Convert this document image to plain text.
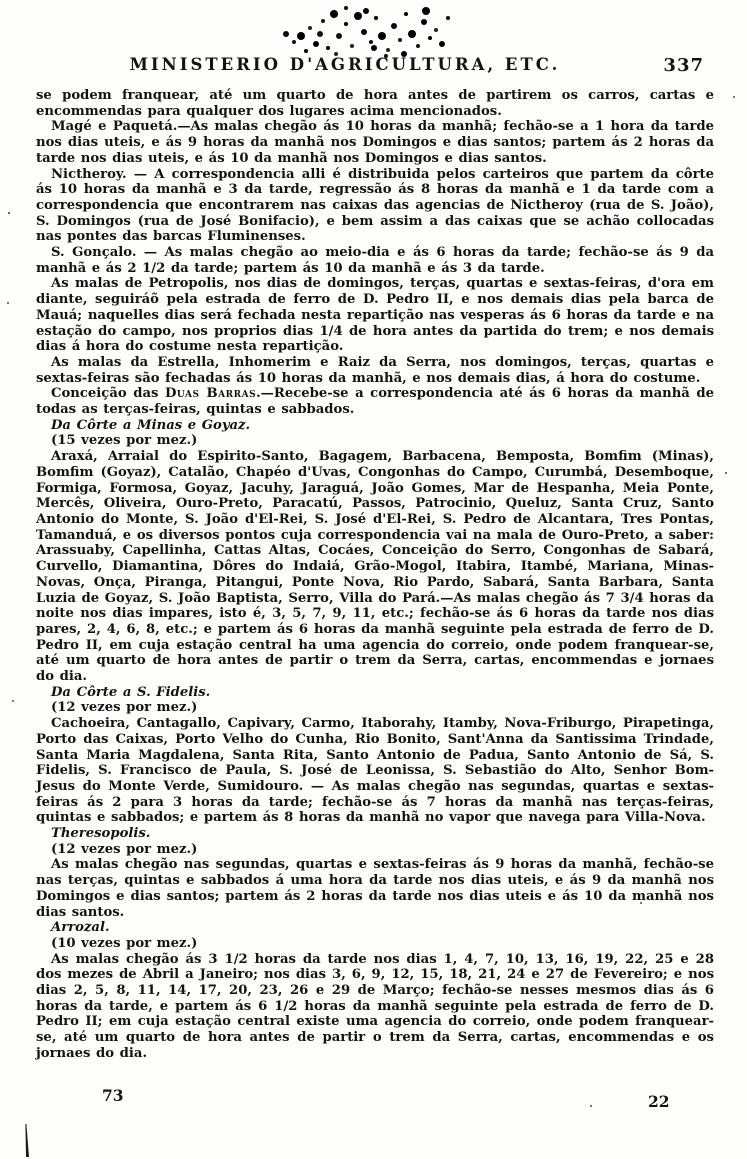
MINISTERIO D'AGRICULTURA, ETC.	337

se podem franquear, até um quarto de hora antes de partirem os carros, cartas e encommendas para qualquer dos lugares acima mencionados.

Magé e Paquetá.—As malas chegão ás 10 horas da manhã; fechão-se a 1 hora da tarde nos dias uteis, e ás 9 horas da manhã nos Domingos e dias santos; partem ás 2 horas da tarde nos dias uteis, e ás 10 da manhã nos Domingos e dias santos.

Nictheroy. — A correspondencia alli é distribuida pelos carteiros que partem da côrte ás 10 horas da manhã e 3 da tarde, regressão ás 8 horas da manhã e 1 da tarde com a correspondencia que encontrarem nas caixas das agencias de Nictheroy (rua de S. João), S. Domingos (rua de José Bonifacio), e bem assim a das caixas que se achão collocadas nas pontes das barcas Fluminenses.

S. Gonçalo. — As malas chegão ao meio-dia e ás 6 horas da tarde; fechão-se ás 9 da manhã e ás 2 1/2 da tarde; partem ás 10 da manhã e ás 3 da tarde.

As malas de Petropolis, nos dias de domingos, terças, quartas e sextas-feiras, d'ora em diante, seguiráõ pela estrada de ferro de D. Pedro II, e nos demais dias pela barca de Mauá; naquelles dias será fechada nesta repartição nas vesperas ás 6 horas da tarde e na estação do campo, nos proprios dias 1/4 de hora antes da partida do trem; e nos demais dias á hora do costume nesta repartição.

As malas da Estrella, Inhomerim e Raiz da Serra, nos domingos, terças, quartas e sextas-feiras são fechadas ás 10 horas da manhã, e nos demais dias, á hora do costume.

Conceição das Duas Barras.—Recebe-se a correspondencia até ás 6 horas da manhã de todas as terças-feiras, quintas e sabbados.

Da Côrte a Minas e Goyaz.

(15 vezes por mez.)

Araxá, Arraial do Espirito-Santo, Bagagem, Barbacena, Bemposta, Bomfim (Minas), Bomfim (Goyaz), Catalão, Chapéo d'Uvas, Congonhas do Campo, Curumbá, Desemboque, Formiga, Formosa, Goyaz, Jacuhy, Jaraguá, João Gomes, Mar de Hespanha, Meia Ponte, Mercês, Oliveira, Ouro-Preto, Paracatú, Passos, Patrocinio, Queluz, Santa Cruz, Santo Antonio do Monte, S. João d'El-Rei, S. José d'El-Rei, S. Pedro de Alcantara, Tres Pontas, Tamanduá, e os diversos pontos cuja correspondencia vai na mala de Ouro-Preto, a saber: Arassuaby, Capellinha, Cattas Altas, Cocáes, Conceição do Serro, Congonhas de Sabará, Curvello, Diamantina, Dôres do Indaiá, Grão-Mogol, Itabira, Itambé, Mariana, Minas-Novas, Onça, Piranga, Pitangui, Ponte Nova, Rio Pardo, Sabará, Santa Barbara, Santa Luzia de Goyaz, S. João Baptista, Serro, Villa do Pará.—As malas chegão ás 7 3/4 horas da noite nos dias impares, isto é, 3, 5, 7, 9, 11, etc.; fechão-se ás 6 horas da tarde nos dias pares, 2, 4, 6, 8, etc.; e partem ás 6 horas da manhã seguinte pela estrada de ferro de D. Pedro II, em cuja estação central ha uma agencia do correio, onde podem franquear-se, até um quarto de hora antes de partir o trem da Serra, cartas, encommendas e jornaes do dia.

Da Côrte a S. Fidelis.

(12 vezes por mez.)

Cachoeira, Cantagallo, Capivary, Carmo, Itaborahy, Itamby, Nova-Friburgo, Pirapetinga, Porto das Caixas, Porto Velho do Cunha, Rio Bonito, Sant'Anna da Santissima Trindade, Santa Maria Magdalena, Santa Rita, Santo Antonio de Padua, Santo Antonio de Sá, S. Fidelis, S. Francisco de Paula, S. José de Leonissa, S. Sebastião do Alto, Senhor Bom-Jesus do Monte Verde, Sumidouro. — As malas chegão nas segundas, quartas e sextas-feiras ás 2 para 3 horas da tarde; fechão-se ás 7 horas da manhã nas terças-feiras, quintas e sabbados; e partem ás 8 horas da manhã no vapor que navega para Villa-Nova.

Theresopolis.

(12 vezes por mez.)

As malas chegão nas segundas, quartas e sextas-feiras ás 9 horas da manhã, fechão-se nas terças, quintas e sabbados á uma hora da tarde nos dias uteis, e ás 9 da manhã nos Domingos e dias santos; partem ás 2 horas da tarde nos dias uteis e ás 10 da manhã nos dias santos.

Arrozal.

(10 vezes por mez.)

As malas chegão ás 3 1/2 horas da tarde nos dias 1, 4, 7, 10, 13, 16, 19, 22, 25 e 28 dos mezes de Abril a Janeiro; nos dias 3, 6, 9, 12, 15, 18, 21, 24 e 27 de Fevereiro; e nos dias 2, 5, 8, 11, 14, 17, 20, 23, 26 e 29 de Março; fechão-se nesses mesmos dias ás 6 horas da tarde, e partem ás 6 1/2 horas da manhã seguinte pela estrada de ferro de D. Pedro II; em cuja estação central existe uma agencia do correio, onde podem franquear-se, até um quarto de hora antes de partir o trem da Serra, cartas, encommendas e os jornaes do dia.

73	22
